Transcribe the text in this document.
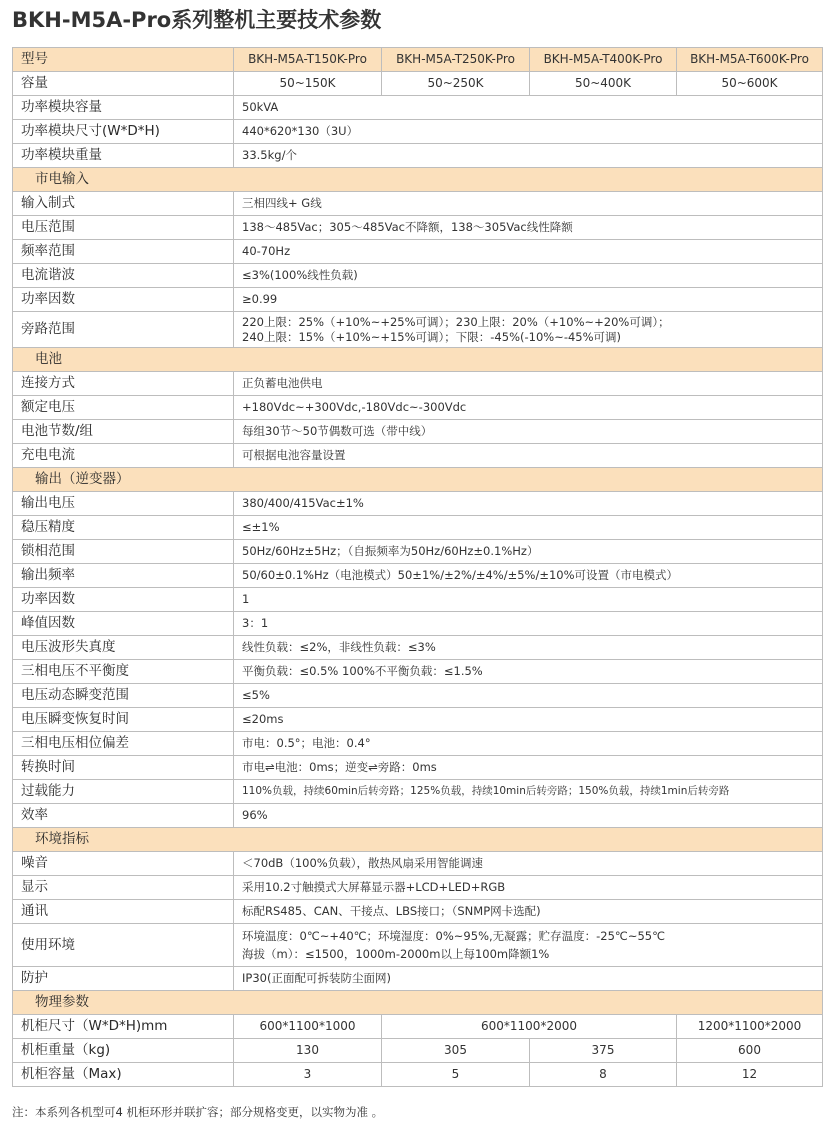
BKH-M5A-Pro系列整机主要技术参数
型号	BKH-M5A-T150K-Pro	BKH-M5A-T250K-Pro	BKH-M5A-T400K-Pro	BKH-M5A-T600K-Pro
容量	50~150K	50~250K	50~400K	50~600K
功率模块容量	50kVA			
功率模块尺寸(W*D*H)	440*620*130（3U）			
功率模块重量	33.5kg/个			
市电输入				
输入制式	三相四线+ G线			
电压范围	138～485Vac；305～485Vac不降额，138～305Vac线性降额			
频率范围	40-70Hz			
电流谐波	≤3%(100%线性负载)			
功率因数	≥0.99			
旁路范围	220上限：25%（+10%~+25%可调）；230上限：20%（+10%~+20%可调）；
240上限：15%（+10%~+15%可调）；下限：-45%(-10%~-45%可调)			

电池				
连接方式	正负蓄电池供电			
额定电压	+180Vdc~+300Vdc,-180Vdc~-300Vdc			
电池节数/组	每组30节～50节偶数可选（带中线）			
充电电流	可根据电池容量设置			
输出（逆变器）				
输出电压	380/400/415Vac±1%			
稳压精度	≤±1%			
锁相范围	50Hz/60Hz±5Hz；（自振频率为50Hz/60Hz±0.1%Hz）			
输出频率	50/60±0.1%Hz（电池模式）50±1%/±2%/±4%/±5%/±10%可设置（市电模式）			
功率因数	1			
峰值因数	3：1			
电压波形失真度	线性负载：≤2%，非线性负载：≤3%			
三相电压不平衡度	平衡负载：≤0.5% 100%不平衡负载：≤1.5%			
电压动态瞬变范围	≤5%			
电压瞬变恢复时间	≤20ms			
三相电压相位偏差	市电：0.5°；电池：0.4°			
转换时间	市电⇌电池：0ms；逆变⇌旁路：0ms			
过载能力	110%负载，持续60min后转旁路；125%负载，持续10min后转旁路；150%负载，持续1min后转旁路			
效率	96%			
环境指标				
噪音	＜70dB（100%负载），散热风扇采用智能调速			
显示	采用10.2寸触摸式大屏幕显示器+LCD+LED+RGB			
通讯	标配RS485、CAN、干接点、LBS接口；（SNMP网卡选配)			
使用环境	环境温度：0℃~+40℃；环境湿度：0%~95%,无凝露；贮存温度：-25℃~55℃
海拔（m）：≤1500，1000m-2000m以上每100m降额1%			

防护	IP30(正面配可拆装防尘面网)			
物理参数				
机柜尺寸（W*D*H)mm	600*1100*1000	600*1100*2000		1200*1100*2000
机柜重量（kg)	130	305	375	600
机柜容量（Max)	3	5	8	12
注：本系列各机型可4 机柜环形并联扩容；部分规格变更，以实物为准 。
